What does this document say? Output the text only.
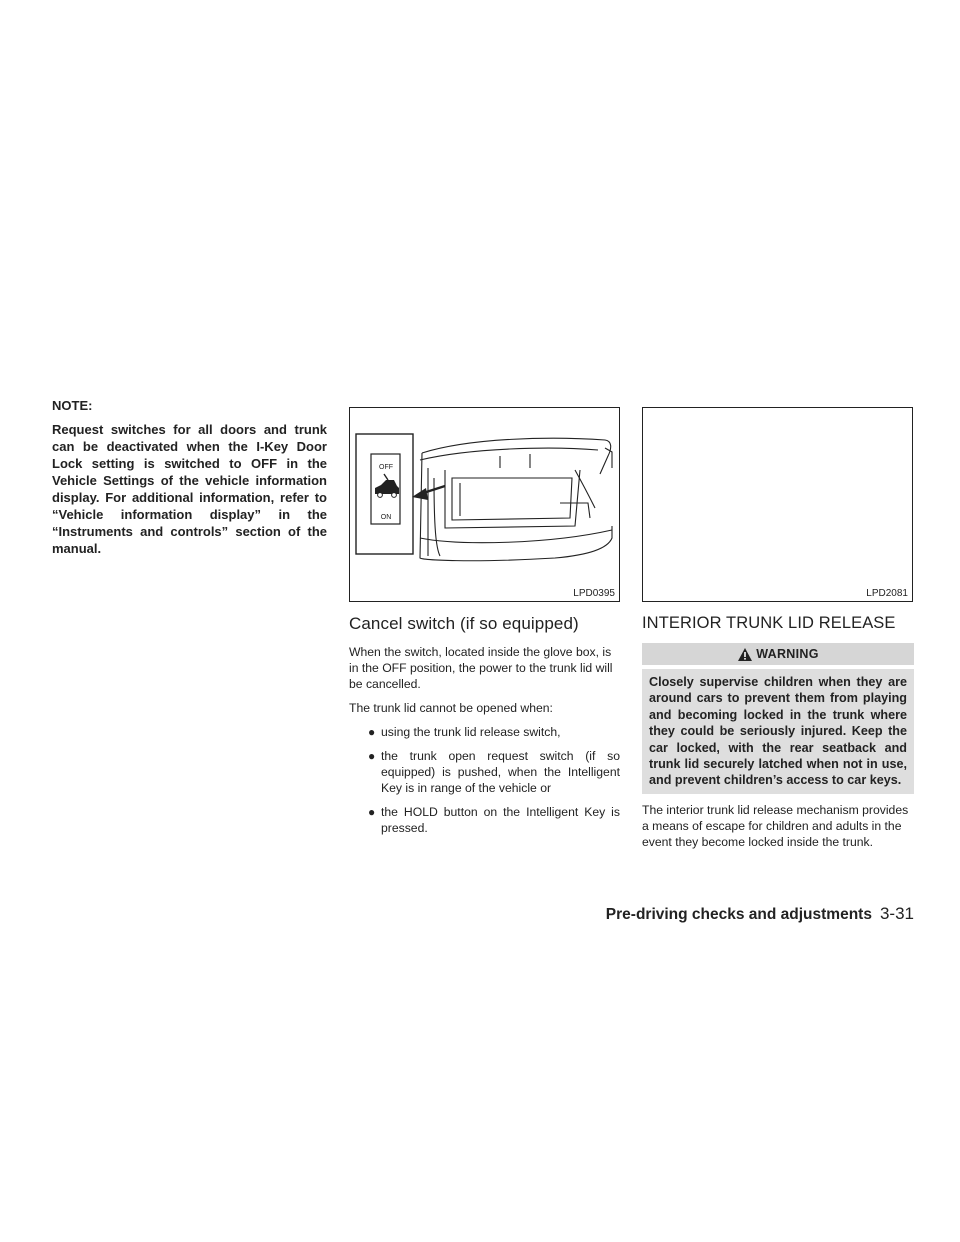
NOTE:

Request switches for all doors and trunk can be deactivated when the I-Key Door Lock setting is switched to OFF in the Vehicle Settings of the vehicle information display. For additional information, refer to “Vehicle information display” in the “Instruments and controls” section of the manual.

OFF
ON
LPD0395
Cancel switch (if so equipped)

When the switch, located inside the glove box, is in the OFF position, the power to the trunk lid will be cancelled.

The trunk lid cannot be opened when:

● using the trunk lid release switch,
● the trunk open request switch (if so equipped) is pushed, when the Intelligent Key is in range of the vehicle or
● the HOLD button on the Intelligent Key is pressed.
LPD2081
INTERIOR TRUNK LID RELEASE
WARNING
Closely supervise children when they are around cars to prevent them from playing and becoming locked in the trunk where they could be seriously injured. Keep the car locked, with the rear seatback and trunk lid securely latched when not in use, and prevent children’s access to car keys.

The interior trunk lid release mechanism provides a means of escape for children and adults in the event they become locked inside the trunk.

Pre-driving checks and adjustments 3-31
